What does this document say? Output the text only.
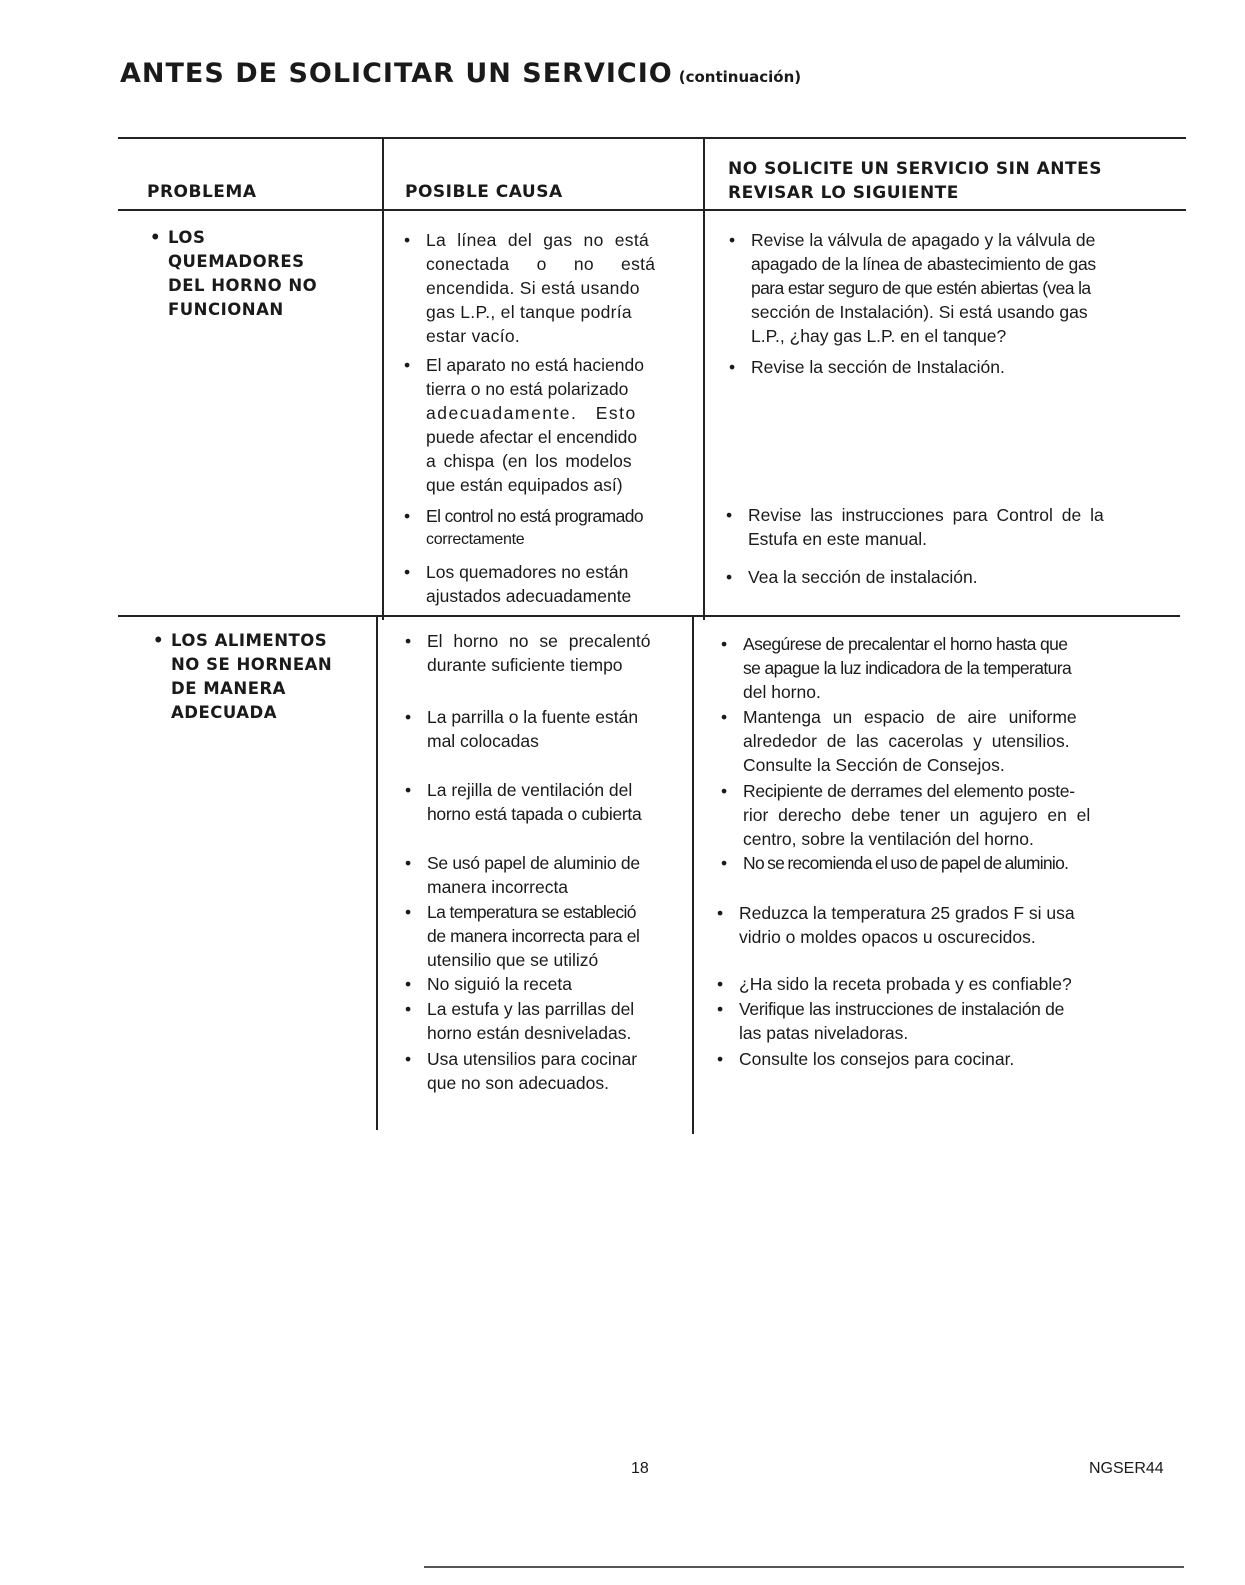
ANTES DE SOLICITAR UN SERVICIO (continuación)
PROBLEMA	POSIBLE CAUSA
NO SOLICITE UN SERVICIO SIN ANTES
REVISAR LO SIGUIENTE
• LOS
QUEMADORES
DEL HORNO NO
FUNCIONAN
• La línea del gas no está
conectada o no está
encendida. Si está usando
gas L.P., el tanque podría
estar vacío.
• El aparato no está haciendo
tierra o no está polarizado
adecuadamente. Esto
puede afectar el encendido
a chispa (en los modelos
que están equipados así)
• El control no está programado
correctamente
• Los quemadores no están
ajustados adecuadamente
• Revise la válvula de apagado y la válvula de
apagado de la línea de abastecimiento de gas
para estar seguro de que estén abiertas (vea la
sección de Instalación). Si está usando gas
L.P., ¿hay gas L.P. en el tanque?
• Revise la sección de Instalación.
• Revise las instrucciones para Control de la
Estufa en este manual.
• Vea la sección de instalación.
• LOS ALIMENTOS
NO SE HORNEAN
DE MANERA
ADECUADA
• El horno no se precalentó
durante suficiente tiempo
• La parrilla o la fuente están
mal colocadas
• La rejilla de ventilación del
horno está tapada o cubierta
• Se usó papel de aluminio de
manera incorrecta
• La temperatura se estableció
de manera incorrecta para el
utensilio que se utilizó
• No siguió la receta
• La estufa y las parrillas del
horno están desniveladas.
• Usa utensilios para cocinar
que no son adecuados.
• Asegúrese de precalentar el horno hasta que
se apague la luz indicadora de la temperatura
del horno.
• Mantenga un espacio de aire uniforme
alrededor de las cacerolas y utensilios.
Consulte la Sección de Consejos.
• Recipiente de derrames del elemento poste-
rior derecho debe tener un agujero en el
centro, sobre la ventilación del horno.
• No se recomienda el uso de papel de aluminio.
• Reduzca la temperatura 25 grados F si usa
vidrio o moldes opacos u oscurecidos.
• ¿Ha sido la receta probada y es confiable?
• Verifique las instrucciones de instalación de
las patas niveladoras.
• Consulte los consejos para cocinar.
18	NGSER44
